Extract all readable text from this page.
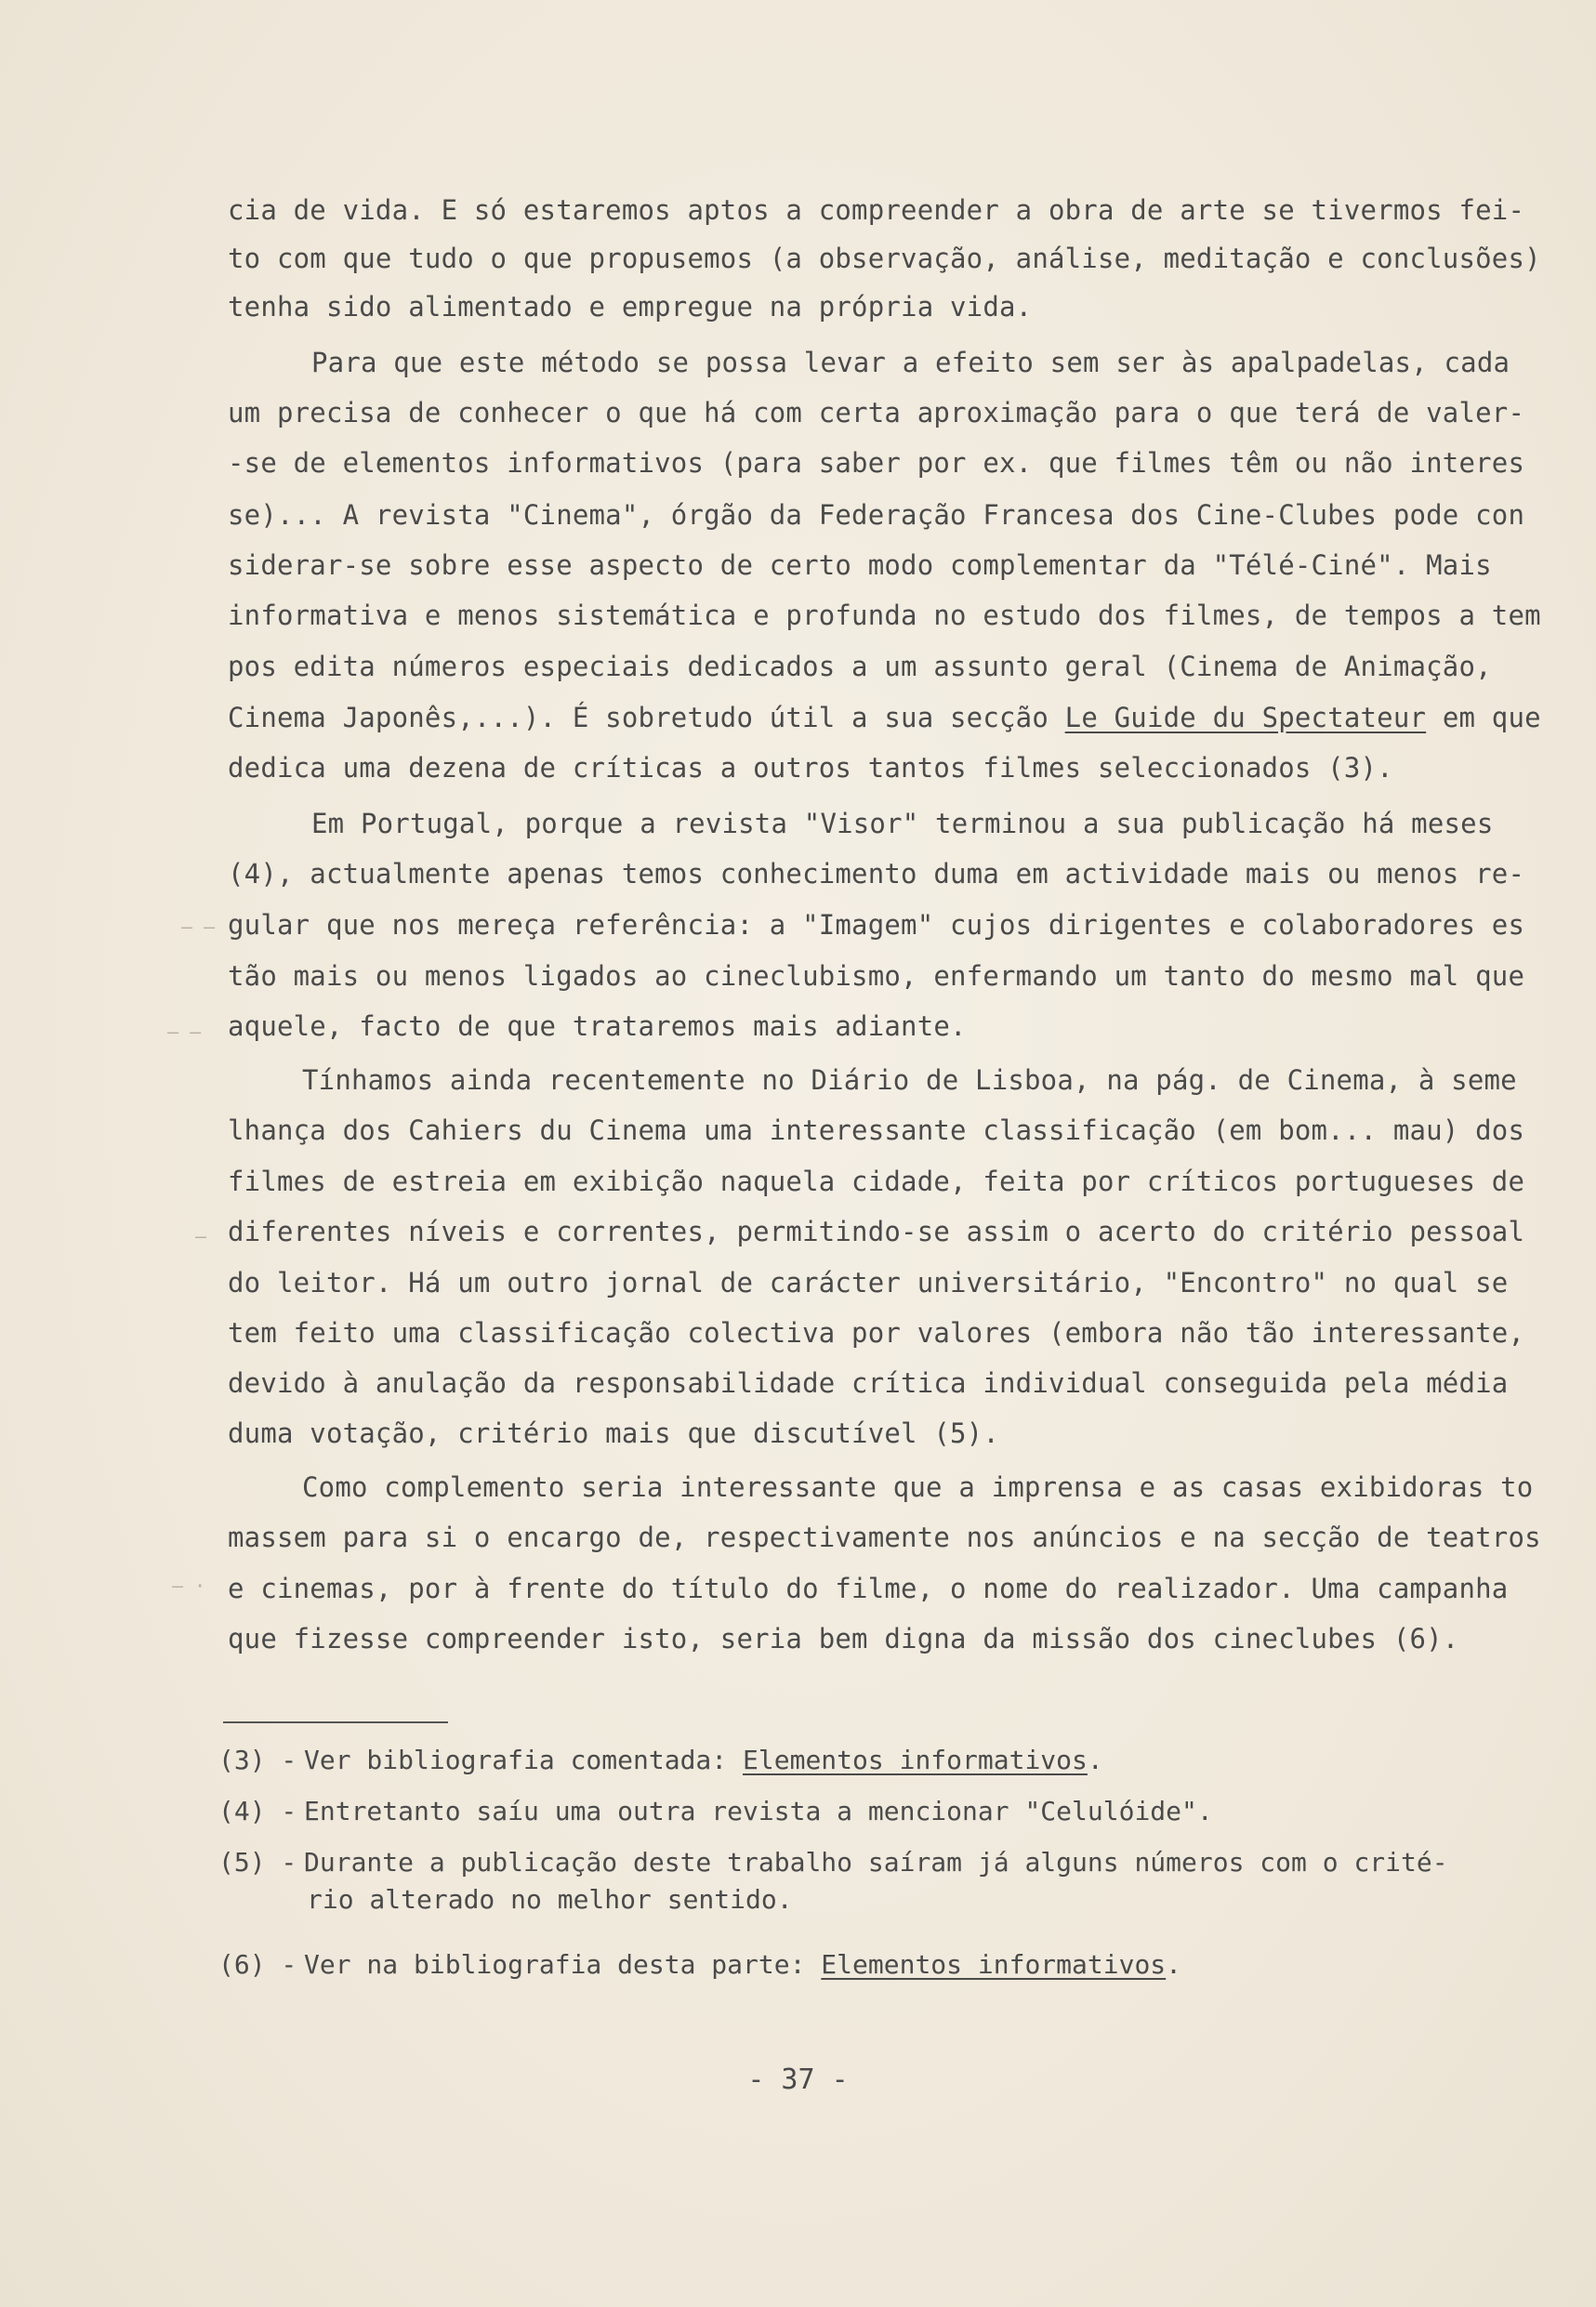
cia de vida. E só estaremos aptos a compreender a obra de arte se tivermos fei-
to com que tudo o que propusemos (a observação, análise, meditação e conclusões)
tenha sido alimentado e empregue na própria vida.
Para que este método se possa levar a efeito sem ser às apalpadelas, cada
um precisa de conhecer o que há com certa aproximação para o que terá de valer-
-se de elementos informativos (para saber por ex. que filmes têm ou não interes
se)... A revista "Cinema", órgão da Federação Francesa dos Cine-Clubes pode con
siderar-se sobre esse aspecto de certo modo complementar da "Télé-Ciné". Mais
informativa e menos sistemática e profunda no estudo dos filmes, de tempos a tem
pos edita números especiais dedicados a um assunto geral (Cinema de Animação,
Cinema Japonês,...). É sobretudo útil a sua secção Le Guide du Spectateur em que
dedica uma dezena de críticas a outros tantos filmes seleccionados (3).
Em Portugal, porque a revista "Visor" terminou a sua publicação há meses
(4), actualmente apenas temos conhecimento duma em actividade mais ou menos re-
gular que nos mereça referência: a "Imagem" cujos dirigentes e colaboradores es
tão mais ou menos ligados ao cineclubismo, enfermando um tanto do mesmo mal que
aquele, facto de que trataremos mais adiante.
Tínhamos ainda recentemente no Diário de Lisboa, na pág. de Cinema, à seme
lhança dos Cahiers du Cinema uma interessante classificação (em bom... mau) dos
filmes de estreia em exibição naquela cidade, feita por críticos portugueses de
diferentes níveis e correntes, permitindo-se assim o acerto do critério pessoal
do leitor. Há um outro jornal de carácter universitário, "Encontro" no qual se
tem feito uma classificação colectiva por valores (embora não tão interessante,
devido à anulação da responsabilidade crítica individual conseguida pela média
duma votação, critério mais que discutível (5).
Como complemento seria interessante que a imprensa e as casas exibidoras to
massem para si o encargo de, respectivamente nos anúncios e na secção de teatros
e cinemas, por à frente do título do filme, o nome do realizador. Uma campanha
que fizesse compreender isto, seria bem digna da missão dos cineclubes (6).
(3) - Ver bibliografia comentada: Elementos informativos.
(4) - Entretanto saíu uma outra revista a mencionar "Celulóide".
(5) - Durante a publicação deste trabalho saíram já alguns números com o crité-
rio alterado no melhor sentido.
(6) - Ver na bibliografia desta parte: Elementos informativos.
- 37 -
— —
— —
—
— ·
